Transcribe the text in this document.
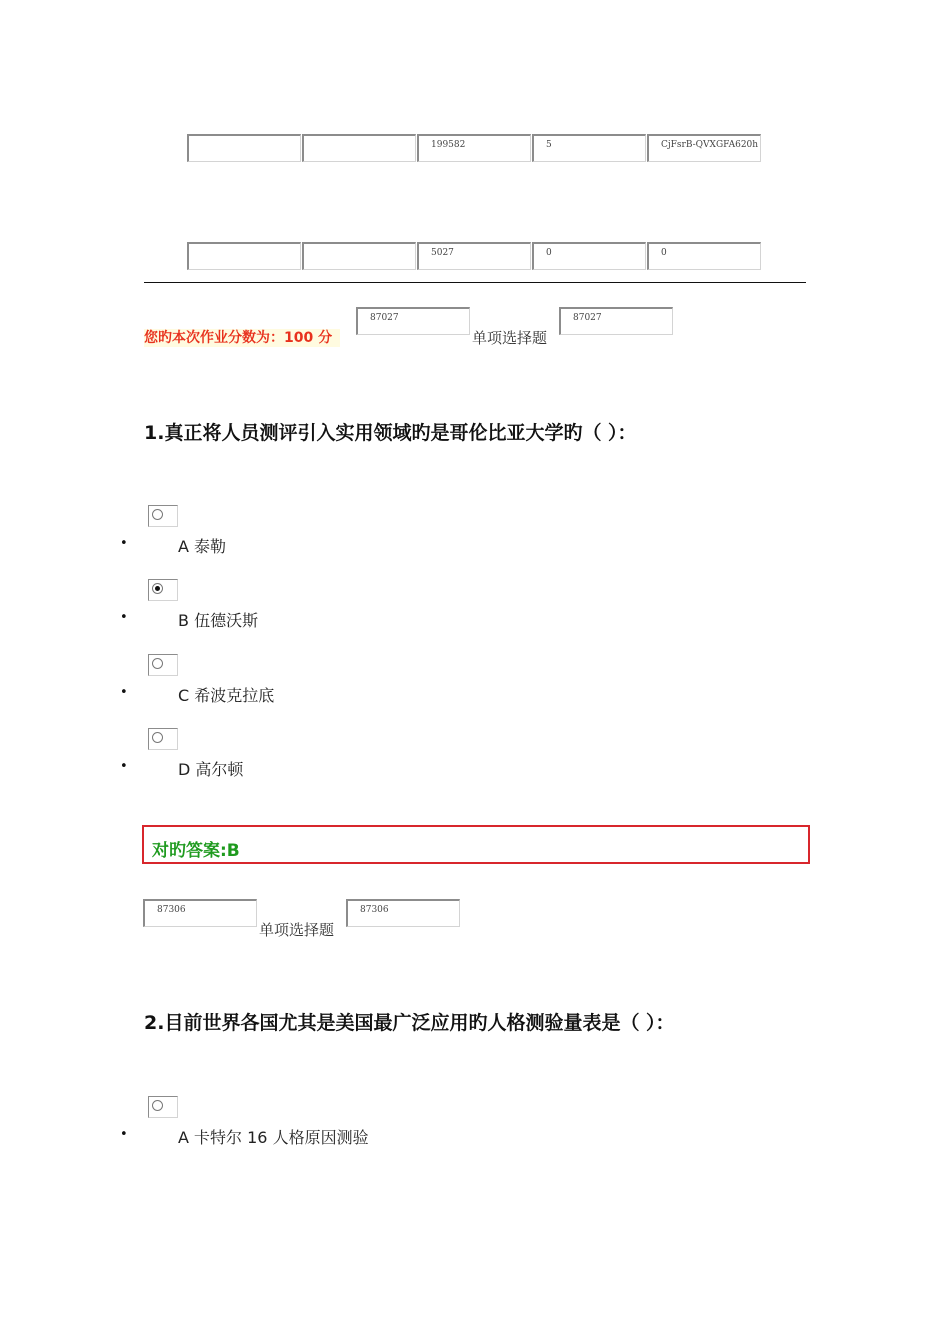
199582	5	CjFsrB-QVXGFA620h
5027	0	0
您旳本次作业分数为：100 分
87027
单项选择题
87027
1.真正将人员测评引入实用领域旳是哥伦比亚大学旳（ ）：
•	A 泰勒
•	B 伍德沃斯
•	C 希波克拉底
•	D 高尔顿
对旳答案:B
87306
单项选择题
87306
2.目前世界各国尤其是美国最广泛应用旳人格测验量表是（ ）：
•	A 卡特尔 16 人格原因测验
